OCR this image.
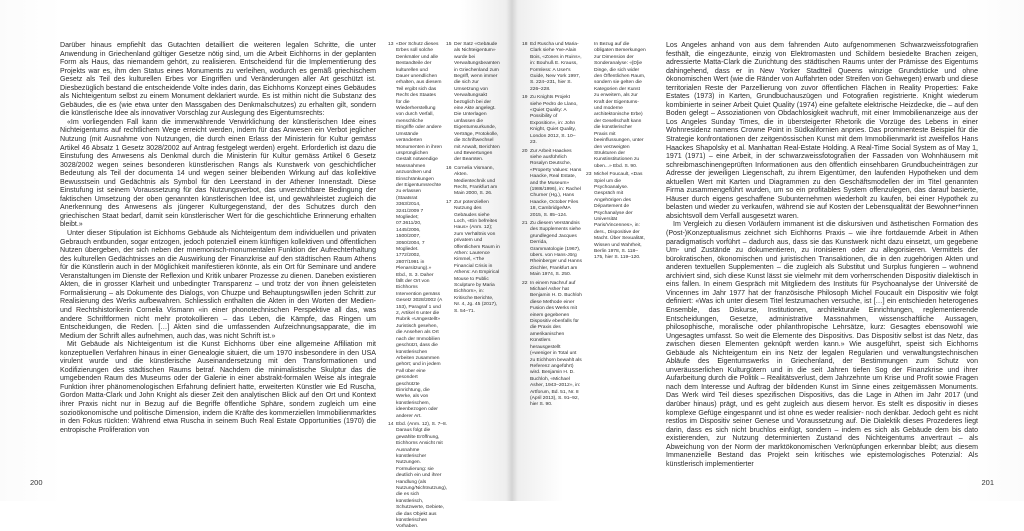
Darüber hinaus empfiehlt das Gutachten detailliert die weiteren legalen Schritte, die unter Anwendung in Griechenland gültiger Gesetze nötig sind, um die Arbeit Eichhorns in der geplanten Form als Haus, das niemandem gehört, zu realisieren. Entscheidend für die Implementierung des Projekts war es, ihm den Status eines Monuments zu verleihen, wodurch es gemäß griechischem Gesetz als Teil des kulturellen Erbes vor Eingriffen und Veränderungen aller Art geschützt ist. Diesbezüglich bestand die entscheidende Volte indes darin, das Eichhorns Konzept eines Gebäudes als Nichteigentum selbst zu einem Monument deklariert wurde. Es ist mithin nicht die Substanz des Gebäudes, die es (wie etwa unter den Massgaben des Denkmalschutzes) zu erhalten gilt, sondern die künstlerische Idee als innovativer Vorschlag zur Auslegung des Eigentumsrechts:

«Im vorliegenden Fall kann die immerwährende Verwirklichung der künstlerischen Idee eines Nichteigentums auf rechtlichem Wege erreicht werden, indem für das Anwesen ein Verbot jeglicher Nutzung (mit Ausnahme von Nutzungen, die durch einen Erlass der Ministerin für Kultur gemäss Artikel 46 Absatz 1 Gesetz 3028/2002 auf Antrag festgelegt werden) ergeht. Erforderlich ist dazu die Einstufung des Anwesens als Denkmal durch die Ministerin für Kultur gemäss Artikel 6 Gesetz 3028/2002 wegen seines besonderen künstlerischen Rangs als Kunstwerk von geschichtlicher Bedeutung als Teil der documenta 14 und wegen seiner bleibenden Wirkung auf das kollektive Bewusstsein und Gedächtnis als Symbol für den Leerstand in der Athener Innenstadt. Diese Einstufung ist seinem Voraussetzung für das Nutzungsverbot, das unverzichtbare Bedingung der faktischen Umsetzung der oben genannten künstlerischen Idee ist, und gewährleistet zugleich die Anerkennung des Anwesens als jüngerer Kulturgegenstand, der des Schutzes durch den griechischen Staat bedarf, damit sein künstlerischer Wert für die geschichtliche Erinnerung erhalten bleibt.»

Unter dieser Stipulation ist Eichhorns Gebäude als Nichteigentum dem individuellen und privaten Gebrauch entbunden, sogar entzogen, jedoch potenziell einem künftigen kollektiven und öffentlichen Nutzen übergeben, der sich neben der mnemonisch-monumentalen Funktion der Aufrechterhaltung des kulturellen Gedächtnisses an die Auswirkung der Finanzkrise auf den städtischen Raum Athens für die Künstlerin auch in der Möglichkeit manifestieren könnte, als ein Ort für Seminare und andere Veranstaltungen im Dienste der Reflexion und Kritik unbarer Prozesse zu dienen. Daneben existieren Akten, die in grosser Klarheit und unbedingter Transparenz – und trotz der von ihnen geleisteten Formalisierung – als Dokumente des Dialogs, von Chuzpe und Behauptungswillen jeden Schritt zur Realisierung des Werks aufbewahren. Schliesslich enthalten die Akten in den Worten der Medien- und Rechtshistorikerin Cornelia Vismann «in einer phonotechnischen Perspektive all das, was andere Schriftformen nicht mehr protokollieren – das Leben, die Kämpfe, das Ringen um Entscheidungen, die Reden. […] Akten sind die umfassenden Aufzeichnungsapparate, die im Medium der Schrift alles aufnehmen, auch das, was nicht Schrift ist.»

Mit Gebäude als Nichteigentum ist die Kunst Eichhorns über eine allgemeine Affiliation mit konzeptuellen Verfahren hinaus in einer Genealogie situiert, die um 1970 insbesondere in den USA virulent wurde und die künstlerische Auseinandersetzung mit den Transformationen und Kodifizierungen des städtischen Raums betraf. Nachdem die minimalistische Skulptur das die umgebenden Raum des Museums oder der Galerie in einer abstrakt-formalen Weise als integrale Funktion ihrer phänomenologischen Erfahrung definiert hatte, erweiterten Künstler wie Ed Ruscha, Gordon Matta-Clark und John Knight als dieser Zeit den analytischen Blick auf den Ort und Kontext ihrer Praxis nicht nur in Bezug auf die Begriffe öffentliche Sphäre, sondern zugleich um eine sozioökonomische und politische Dimension, indem die Kräfte des kommerziellen Immobilienmarktes in den Fokus rückten: Während etwa Ruscha in seinem Buch Real Estate Opportunities (1970) die entropische Proliferation von

13 «Der Schutz dieses Erbes soll solche Denkmäler und alle Bestandteile der kulturellen und Dauer unendlichen erhalten, aus diesem Teil ergibt sich das Recht des Staates für die Wiederherstellung von durch Verfall, menschliche Eingriffe oder andere Umstände veränderten Monumenten in ihren ursprünglichen Gestalt notwendige Massnahmen anzuordnen und Einschränkungen der Eigentumsrechte zu erlassen (Staatsrat 3363/2014, 3241/2009 7 Mogliedet; 07.3611/20, 1445/2006, 1500/2007, 3050/2004, 7 Mogliedet. 1772/2002, 2807/1991 in Plenarsitzung).» Ebd., S. 3. Daher fällt der Ort von Eichhorns Intervention gemäss Gesetz 3028/2002 (A 153), Paragraf 1 und 2, Artikel 6 unter die Rubrik «Umgestellt» Juristisch gesehen, die Ansehen als Ort nach der Immobilien geschützt, dass die künstlerischen Arbeiten zusammen gehört; und in jedem Fall über eine gesondert geschützte Einrichtung, die Werke, als von künstlerischem, ideenbezogen oder anderer Art.
14 Ebd. (Anm. 12), S. 7–8. Daraus folgt die gewählte Eröffnung, Eichhorns Ansicht mit Ausnahme künstlerischer Nutzungen. Formulierung: sie deutlich ein und ihrer Handlung (als Nutzung/Nichtnutzung), die es sich künstlerisch, Schutzwerte, Gebiete, die das Objekt aus künstlerischen Vorhaben.
15 Der Satz «Gebäude als Nichteigentum» wurde bei Verwaltungsbeamten in Griechenland zum Begriff, wenn immer die sich zur Umsetzung von Verwaltungsakt bezüglich bei der eine Akte angelegt. Die Unterlagen umfassen die Eigentumsurkunde, Verträge, Protokolle, die Schriftwechsel mit Anwalt, Berichten und Bewertungen der Beamten.
16 Cornelia Vismann, Akten. Medientechnik und Recht, Frankfurt am Main 2000, S. 26.
17 Zur potenziellen Nutzung des Gebäudes siehe Loch, «Ein befreites Haus» (Anm. 12); zum Verhältnis von privatem und öffentlichem Raum in Athen: Laurence Kimmel, «The Financial Crisis in Athens: An Empirical Mouse to Public Sculpture by Maria Eichhorn», in: Kritische Berichte, Nr. 4, Jg. 45 (2017), S. 54–71.
200
18 Ed Ruscha und Maria-Clark siehe Yve-Alain Bois, «Zones in Ruins», in: Bouhuß E. Krauss, Formless: A User's Guide, New York 1997, S. 224–231, hier S. 226–228.
19 Zu Knights Projekt siehe Pedro de Llano, «Quiet Quality: A Possibility of Exposition», in: John Knight, Quiet Quality, London 2012, S. 10–23.
20 Zur Arbeit Haackes siehe ausführlich Rosalyn Deutsche, «Property Values: Hans Haacke, Real Estate, and the Museum» (1986/1996), in: Rachel Churner (Hg.), Hans Haacke, October Files 18, Cambridge/MA 2015, S. 85–124.
21 Zu diesem Verständnis des Supplements siehe grundlegend Jacques Derrida, Grammatologie (1967), übers. von Hans-Jörg Rheinberger und Hanns Zischler, Frankfurt am Main 1974, S. 250.
22 In einem Nachruf auf Michael Asher hat Benjamin H. D. Buchloh diese Methode einer Fusion des Werks mit einem gegebenen Dispositiv ebenfalls für die Praxis des amerikanischen Künstlers herausgestellt («weniger in Total unt zu Eichhorn bewahlt als Referenz angeführt) wird. Benjamin H. D. Buchloh, «Michael Asher, 1943–2012», in: Artforum, Bd. 51, Nr. 8 (April 2013), S. 91–92, hier S. 90.
In Bezug auf die obligaten Bemerkungen zur Dimension der Sonderanalyse: «[D]ie Dinge, die sich wider den Öffentlichen Raum, sondern sie gelten die Kategorien der Kunst zu erweitern, als zur Kraft der Eigentums- und moderne architektonische Erbe) der Gesellschaft kann die künstlerischer Praxis mit beeinflussungen, unter den verzweigten Strukturen der Kunstinstitutionen zu üben...» Ebd. S. 90.
23 Michel Foucault, «Das Spiel um die Psychoanalyse. Gespräch mit Angehörigen des Département de Psychanalyse der Universität Paris/Vincennes», in: ders., Dispositive der Macht. Über Sexualität, Wissen und Wahrheit, Berlin 1978, S. 118–175, hier S. 119–120.

Los Angeles anhand von aus dem fahrenden Auto aufgenommenen Schwarzweissfotografien festhält, die eingezäunte, einzig von Elektromasten und Schildern besiedelte Brachen zeigen, adressierte Matta-Clark die Zurichtung des städtischen Raums unter der Prämisse des Eigentums dahingehend, dass er in New Yorker Stadtteil Queens winzige Grundstücke und ohne ökonomischen Wert (wie die Ränder von Auffahrten oder Streifen von Gehwegen) erwarb und diese territorialen Reste der Parzellierung von zuvor öffentlichen Flächen in Reality Properties: Fake Estates (1973) in Karten, Grundbuchauszügen und Fotografien registrierte. Knight wiederum kombinierte in seiner Arbeit Quiet Quality (1974) eine gefaltete elektrische Heizdecke, die – auf den Boden gelegt – Assoziationen von Obdachlosigkeit wachruft, mit einer Immobilienanzeige aus der Los Angeles Sunday Times, die in übersteigerter Rhetorik die Vorzüge des Lebens in einer Wohnresidenz namens Crowne Point in Südkalifornien anpries. Das prominenteste Beispiel für die Strategie konfrontationen der zeitgenössischen Kunst mit dem Immobilienmarkt ist zweifellos Hans Haackes Shapolsky et al. Manhattan Real-Estate Holding. A Real-Time Social System as of May 1, 1971 (1971) – eine Arbeit, in der schwarzweissfotografien der Fassaden von Wohnhäusern mit schreibmaschinengeprüften Informationen aus den öffentlich einsehbaren Grundbucheinträgen zur Adresse der jeweiligen Liegenschaft, zu ihrem Eigentümer, den laufenden Hypotheken und dem aktuellen Wert mit Karten und Diagrammen zu den Geschäftsmodellen der im Titel genannten Firma zusammengeführt wurden, um so ein profitables System offenzulegen, das darauf basierte, Häuser durch eigens geschaffene Subunternehmen wiederholt zu kaufen, bei einer Hypothek zu belasten und wieder zu verkaufen, während sie auf Kosten der Lebensqualität der Bewohner*innen absichtsvoll dem Verfall ausgesetzt waren.

Im Vergleich zu diesen Vorläufern immanent ist die diskursiven und ästhetischen Formation des (Post-)Konzeptualismus zeichnet sich Eichhorns Praxis – wie ihre fortdauernde Arbeit in Athen paradigmatisch vorführt – dadurch aus, dass sie das Kunstwerk nicht dazu einsetzt, um gegebene Um- und Zustände zu dokumentieren, zu ironisieren oder zu allegorisieren. Vermittels der bürokratischen, ökonomischen und juristischen Transaktionen, die in den zugehörigen Akten und anderen textuellen Supplementen – die zugleich als Substitut und Surplus fungieren – wohnend archiviert sind, sich diese Kunst lässt sie vielmehr mit dem vorherrschenden Dispositiv dialektisch in eins fallen. In einem Gespräch mit Mitgliedern des Instituts für Psychoanalyse der Université de Vincennes im Jahr 1977 hat der französische Philosoph Michel Foucault ein Dispositiv wie folgt definiert: «Was ich unter diesem Titel festzumachen versuche, ist […] ein entschieden heterogenes Ensemble, das Diskurse, Institutionen, architekturale Einrichtungen, reglementierende Entscheidungen, Gesetze, administrative Massnahmen, wissenschaftliche Aussagen, philosophische, moralische oder philanthropische Lehrsätze, kurz: Gesagtes ebensowohl wie Ungesagtes umfasst. So weit die Elemente des Dispositivs. Das Dispositiv selbst ist das Netz, das zwischen diesen Elementen geknüpft werden kann.» Wie ausgeführt, speist sich Eichhorns Gebäude als Nichteigentum ein ins Netz der legalen Regularien und verwaltungstechnischen Abläufe des Eigentumswerks in Griechenland, der Bestimmungen zum Schutz von unveräusserlichen Kulturgütern und in die seit Jahren tiefen Sog der Finanzkrise und ihrer Aufarbeitung durch die Politik – Realitätsverlust, dem Jahrzehnte um Krise und Profit sowie Fragen nach dem Interesse und Auftrag der bildenden Kunst im Sinne eines zeitgemässen Monuments. Das Werk wird Teil dieses spezifischen Dispositivs, das die Lage in Athen im Jahr 2017 (und darüber hinaus) prägt, und es geht zugleich aus diesem hervor. Es stellt es dispositiv in dieses komplexe Gefüge eingespannt und ist ohne es weder realisier- noch denkbar. Jedoch geht es nicht restlos im Dispositiv seiner Genese und Voraussetzung auf. Die Dialektik dieses Prozederes liegt darin, dass es sich nicht bruchlos einfügt, sondern – indem es sich als Gebäude dem bis dato existierenden, zur Nutzung determinierten Zustand des Nichteigentums anvertraut – als Abweichung von der Norm der marktökonomischen Verknüpfungen erkennbar bleibt; aus diesem Immanenzielle Bestand das Projekt sein kritisches wie epistemologisches Potenzial: Als künstlerisch implementierter

201
